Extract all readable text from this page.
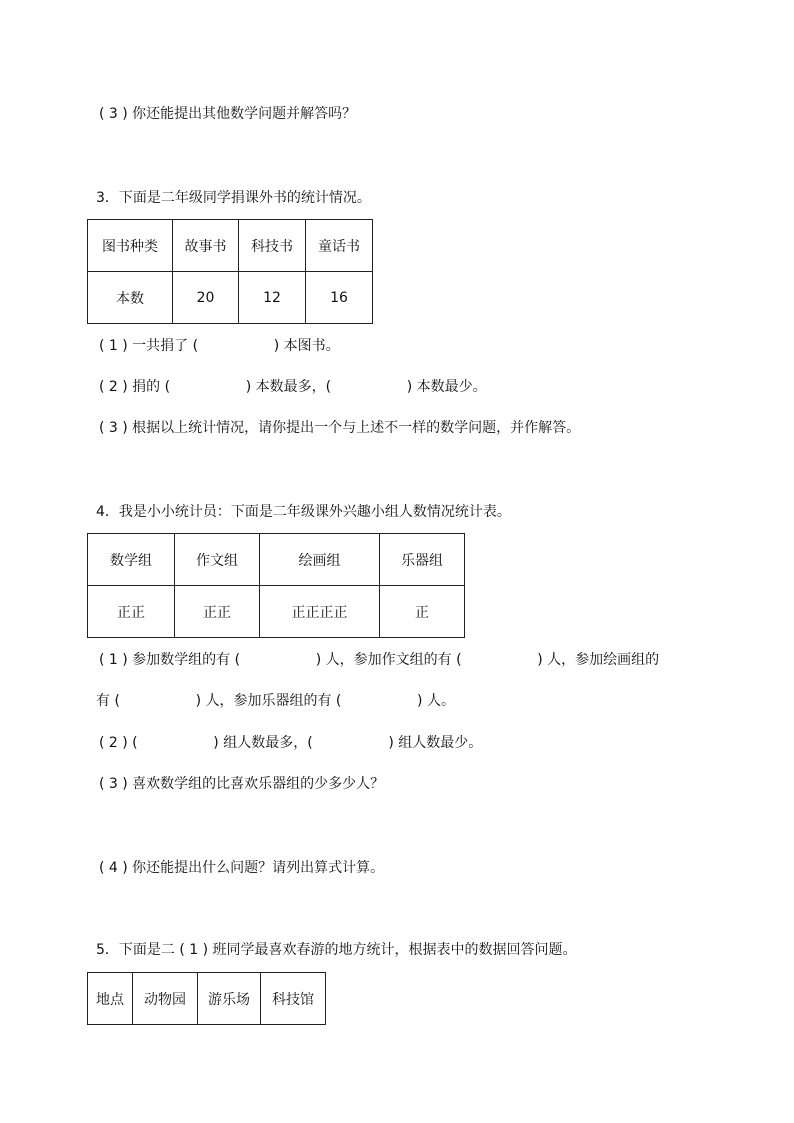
( 3 ) 你还能提出其他数学问题并解答吗？
3．下面是二年级同学捐课外书的统计情况。
图书种类	故事书	科技书	童话书
本数	20	12	16
( 1 ) 一共捐了 (                 ) 本图书。
( 2 ) 捐的 (                 ) 本数最多，(                 ) 本数最少。
( 3 ) 根据以上统计情况，请你提出一个与上述不一样的数学问题，并作解答。
4．我是小小统计员：下面是二年级课外兴趣小组人数情况统计表。
数学组	作文组	绘画组	乐器组
正正	正正	正正正正	正
( 1 ) 参加数学组的有 (                 ) 人，参加作文组的有 (                 ) 人，参加绘画组的
有 (                 ) 人，参加乐器组的有 (                 ) 人。
( 2 ) (                 ) 组人数最多，(                 ) 组人数最少。
( 3 ) 喜欢数学组的比喜欢乐器组的少多少人？
( 4 ) 你还能提出什么问题？请列出算式计算。
5．下面是二 ( 1 ) 班同学最喜欢春游的地方统计，根据表中的数据回答问题。
地点	动物园	游乐场	科技馆
